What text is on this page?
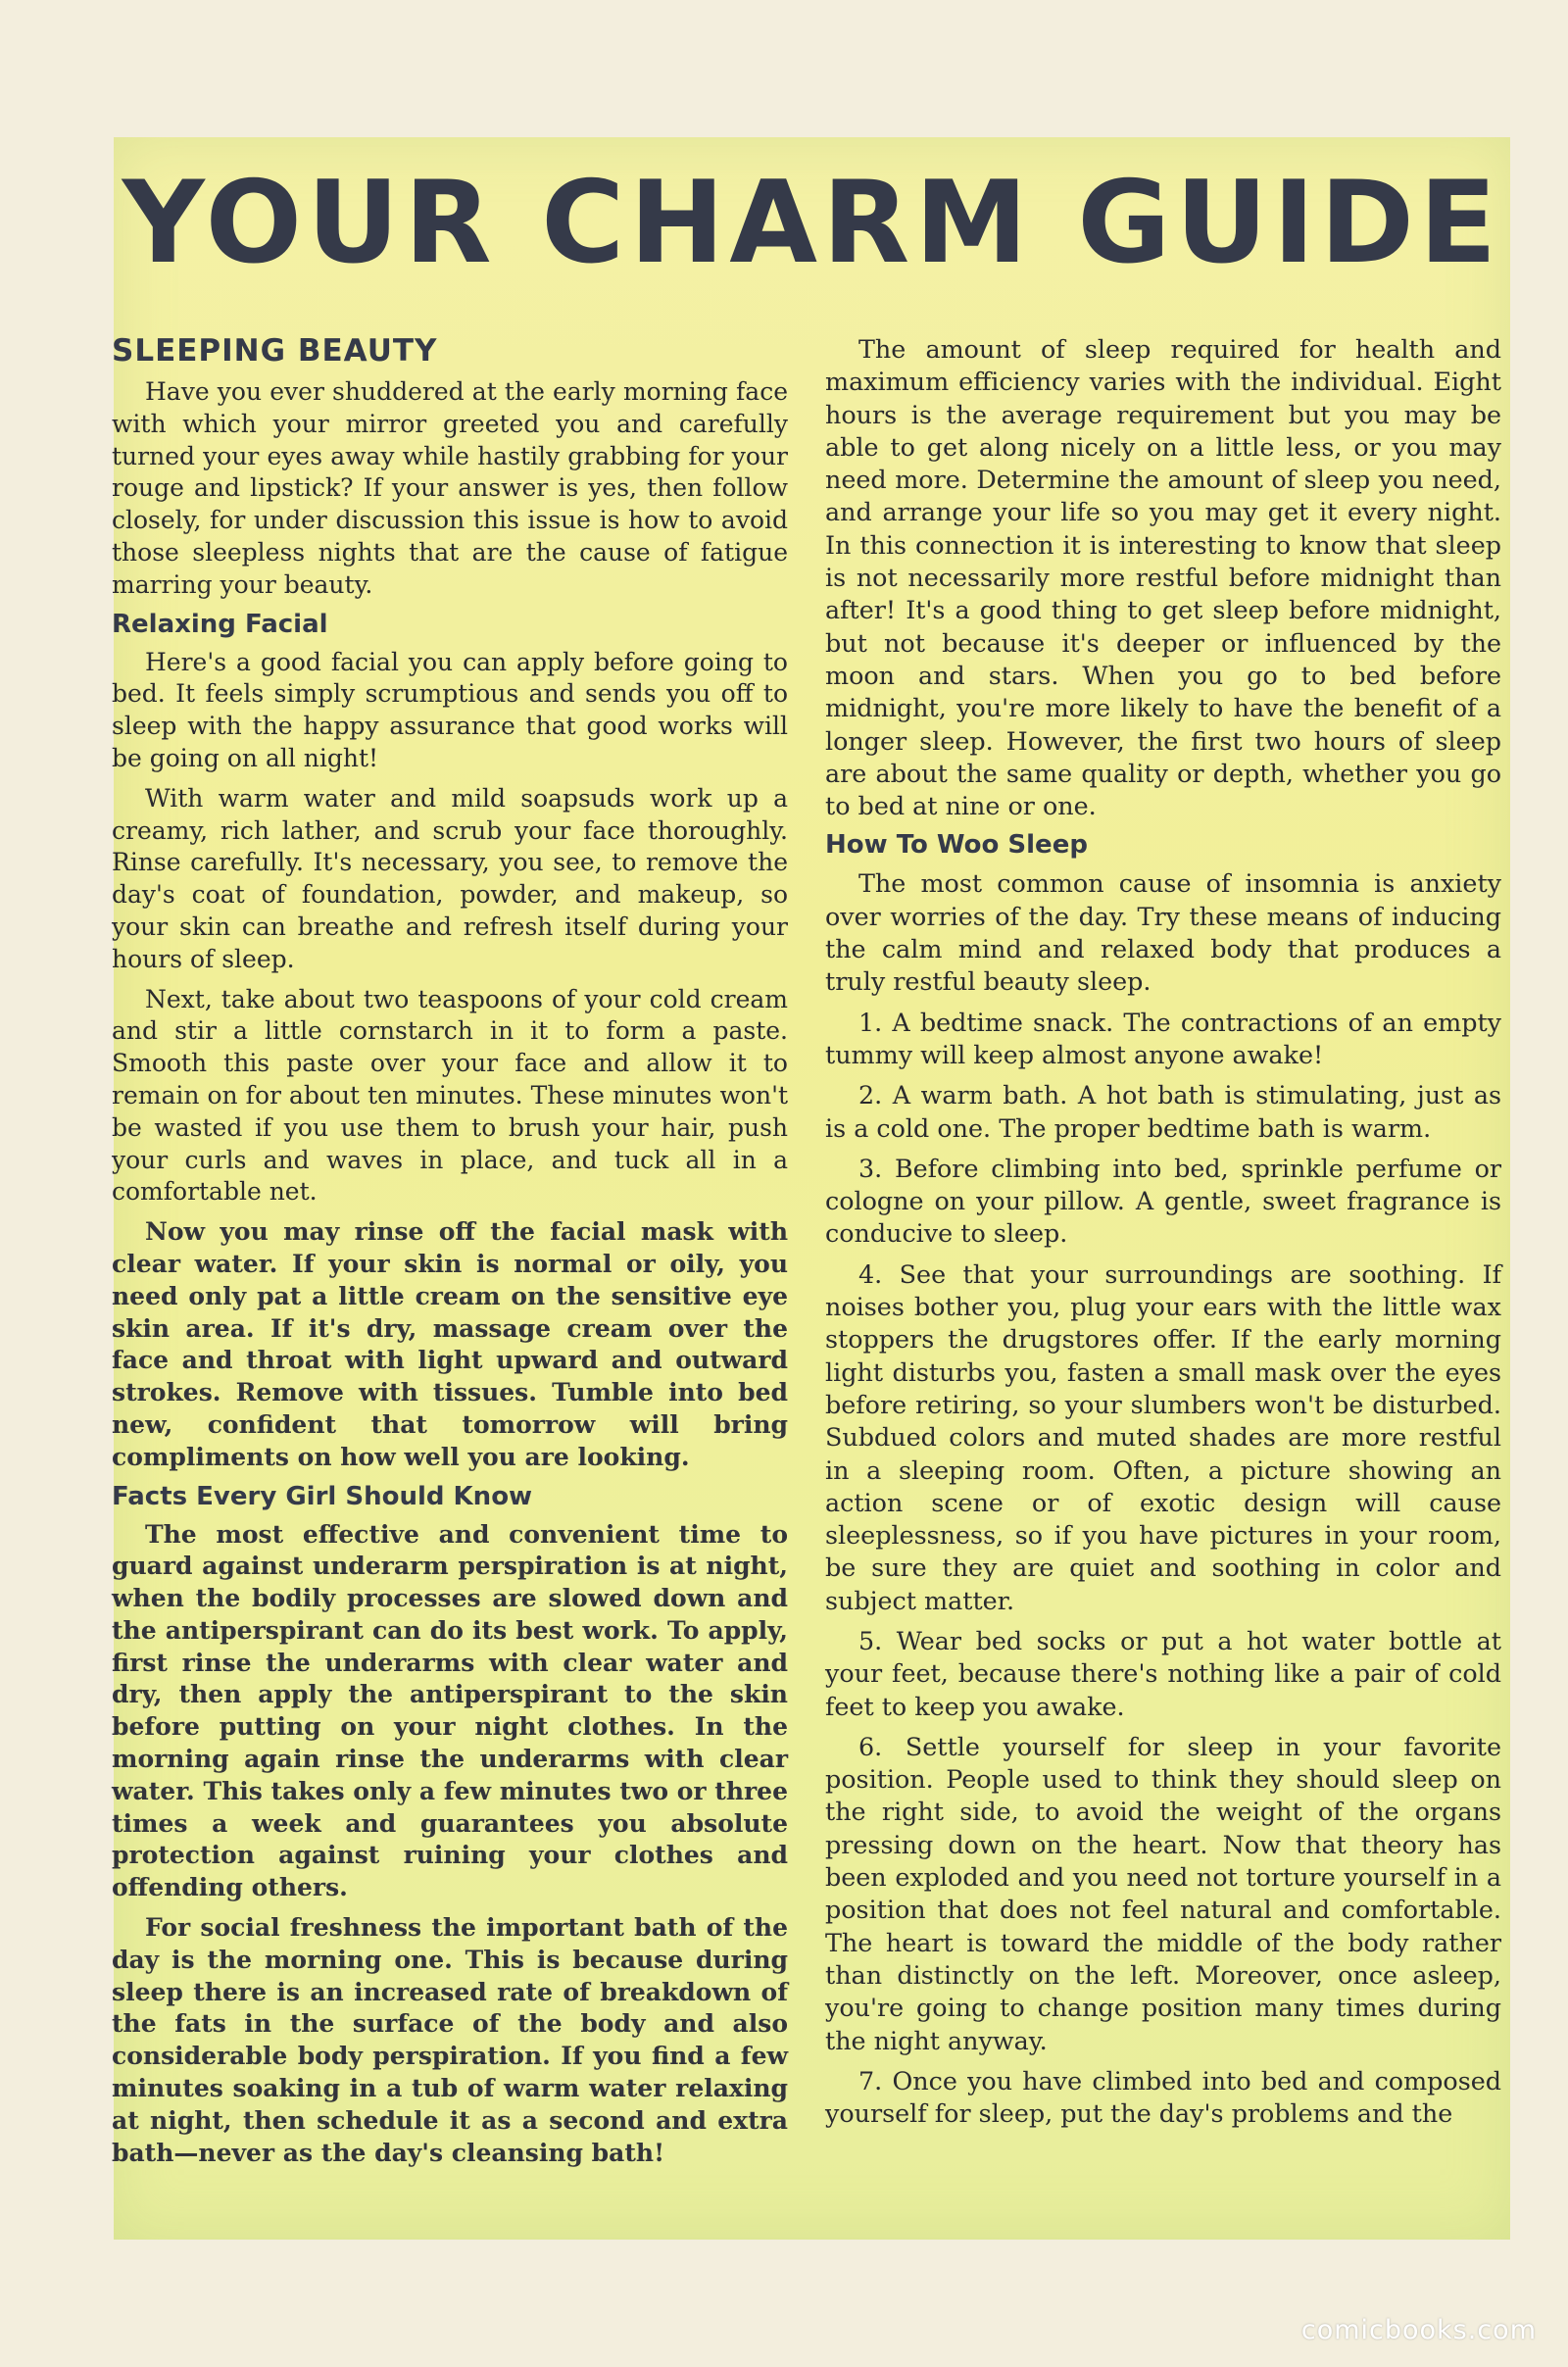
YOUR CHARM GUIDE
SLEEPING BEAUTY

Have you ever shuddered at the early morning face with which your mirror greeted you and carefully turned your eyes away while hastily grabbing for your rouge and lipstick? If your answer is yes, then follow closely, for under discussion this issue is how to avoid those sleepless nights that are the cause of fatigue marring your beauty.

Relaxing Facial

Here's a good facial you can apply before going to bed. It feels simply scrumptious and sends you off to sleep with the happy assurance that good works will be going on all night!

With warm water and mild soapsuds work up a creamy, rich lather, and scrub your face thoroughly. Rinse carefully. It's necessary, you see, to remove the day's coat of foundation, powder, and makeup, so your skin can breathe and refresh itself during your hours of sleep.

Next, take about two teaspoons of your cold cream and stir a little cornstarch in it to form a paste. Smooth this paste over your face and allow it to remain on for about ten minutes. These minutes won't be wasted if you use them to brush your hair, push your curls and waves in place, and tuck all in a comfortable net.

Now you may rinse off the facial mask with clear water. If your skin is normal or oily, you need only pat a little cream on the sensitive eye skin area. If it's dry, massage cream over the face and throat with light upward and outward strokes. Remove with tissues. Tumble into bed new, confident that tomorrow will bring compliments on how well you are looking.

Facts Every Girl Should Know

The most effective and convenient time to guard against underarm perspiration is at night, when the bodily processes are slowed down and the antiperspirant can do its best work. To apply, first rinse the underarms with clear water and dry, then apply the antiperspirant to the skin before putting on your night clothes. In the morning again rinse the underarms with clear water. This takes only a few minutes two or three times a week and guarantees you absolute protection against ruining your clothes and offending others.

For social freshness the important bath of the day is the morning one. This is because during sleep there is an increased rate of breakdown of the fats in the surface of the body and also considerable body perspiration. If you find a few minutes soaking in a tub of warm water relaxing at night, then schedule it as a second and extra bath—never as the day's cleansing bath!

The amount of sleep required for health and maximum efficiency varies with the individual. Eight hours is the average requirement but you may be able to get along nicely on a little less, or you may need more. Determine the amount of sleep you need, and arrange your life so you may get it every night. In this connection it is interesting to know that sleep is not necessarily more restful before midnight than after! It's a good thing to get sleep before midnight, but not because it's deeper or influenced by the moon and stars. When you go to bed before midnight, you're more likely to have the benefit of a longer sleep. However, the first two hours of sleep are about the same quality or depth, whether you go to bed at nine or one.

How To Woo Sleep

The most common cause of insomnia is anxiety over worries of the day. Try these means of inducing the calm mind and relaxed body that produces a truly restful beauty sleep.

1. A bedtime snack. The contractions of an empty tummy will keep almost anyone awake!

2. A warm bath. A hot bath is stimulating, just as is a cold one. The proper bedtime bath is warm.

3. Before climbing into bed, sprinkle perfume or cologne on your pillow. A gentle, sweet fragrance is conducive to sleep.

4. See that your surroundings are soothing. If noises bother you, plug your ears with the little wax stoppers the drugstores offer. If the early morning light disturbs you, fasten a small mask over the eyes before retiring, so your slumbers won't be disturbed. Subdued colors and muted shades are more restful in a sleeping room. Often, a picture showing an action scene or of exotic design will cause sleeplessness, so if you have pictures in your room, be sure they are quiet and soothing in color and subject matter.

5. Wear bed socks or put a hot water bottle at your feet, because there's nothing like a pair of cold feet to keep you awake.

6. Settle yourself for sleep in your favorite position. People used to think they should sleep on the right side, to avoid the weight of the organs pressing down on the heart. Now that theory has been exploded and you need not torture yourself in a position that does not feel natural and comfortable. The heart is toward the middle of the body rather than distinctly on the left. Moreover, once asleep, you're going to change position many times during the night anyway.

7. Once you have climbed into bed and composed yourself for sleep, put the day's problems and the

comicbooks.com
